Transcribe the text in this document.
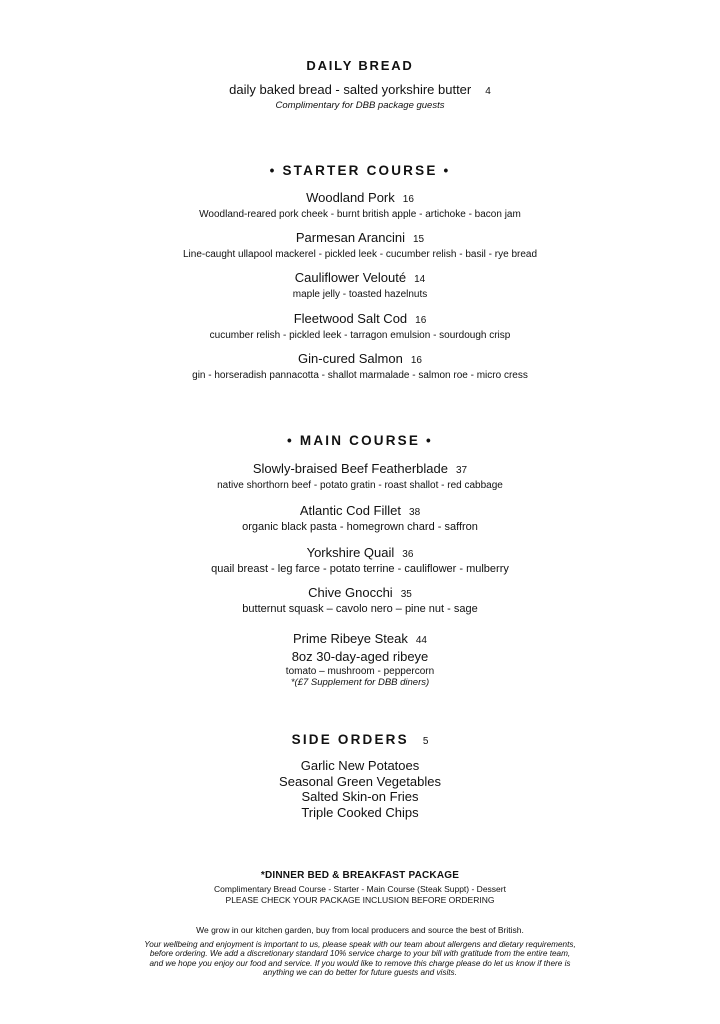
DAILY BREAD
daily baked bread - salted yorkshire butter 4
Complimentary for DBB package guests
• STARTER COURSE •
Woodland Pork 16
Woodland-reared pork cheek - burnt british apple - artichoke - bacon jam
Parmesan Arancini 15
Line-caught ullapool mackerel - pickled leek - cucumber relish - basil - rye bread
Cauliflower Velouté 14
maple jelly - toasted hazelnuts
Fleetwood Salt Cod 16
cucumber relish - pickled leek - tarragon emulsion - sourdough crisp
Gin-cured Salmon 16
gin - horseradish pannacotta - shallot marmalade - salmon roe - micro cress
• MAIN COURSE •
Slowly-braised Beef Featherblade 37
native shorthorn beef - potato gratin - roast shallot - red cabbage
Atlantic Cod Fillet 38
organic black pasta - homegrown chard - saffron
Yorkshire Quail 36
quail breast - leg farce - potato terrine - cauliflower - mulberry
Chive Gnocchi 35
butternut squask – cavolo nero – pine nut - sage
Prime Ribeye Steak 44
8oz 30-day-aged ribeye
tomato – mushroom - peppercorn
*(£7 Supplement for DBB diners)
SIDE ORDERS 5
Garlic New Potatoes
Seasonal Green Vegetables
Salted Skin-on Fries
Triple Cooked Chips
*DINNER BED & BREAKFAST PACKAGE
Complimentary Bread Course - Starter - Main Course (Steak Suppt) - Dessert
PLEASE CHECK YOUR PACKAGE INCLUSION BEFORE ORDERING
We grow in our kitchen garden, buy from local producers and source the best of British.
Your wellbeing and enjoyment is important to us, please speak with our team about allergens and dietary requirements,
before ordering. We add a discretionary standard 10% service charge to your bill with gratitude from the entire team,
and we hope you enjoy our food and service. If you would like to remove this charge please do let us know if there is
anything we can do better for future guests and visits.
